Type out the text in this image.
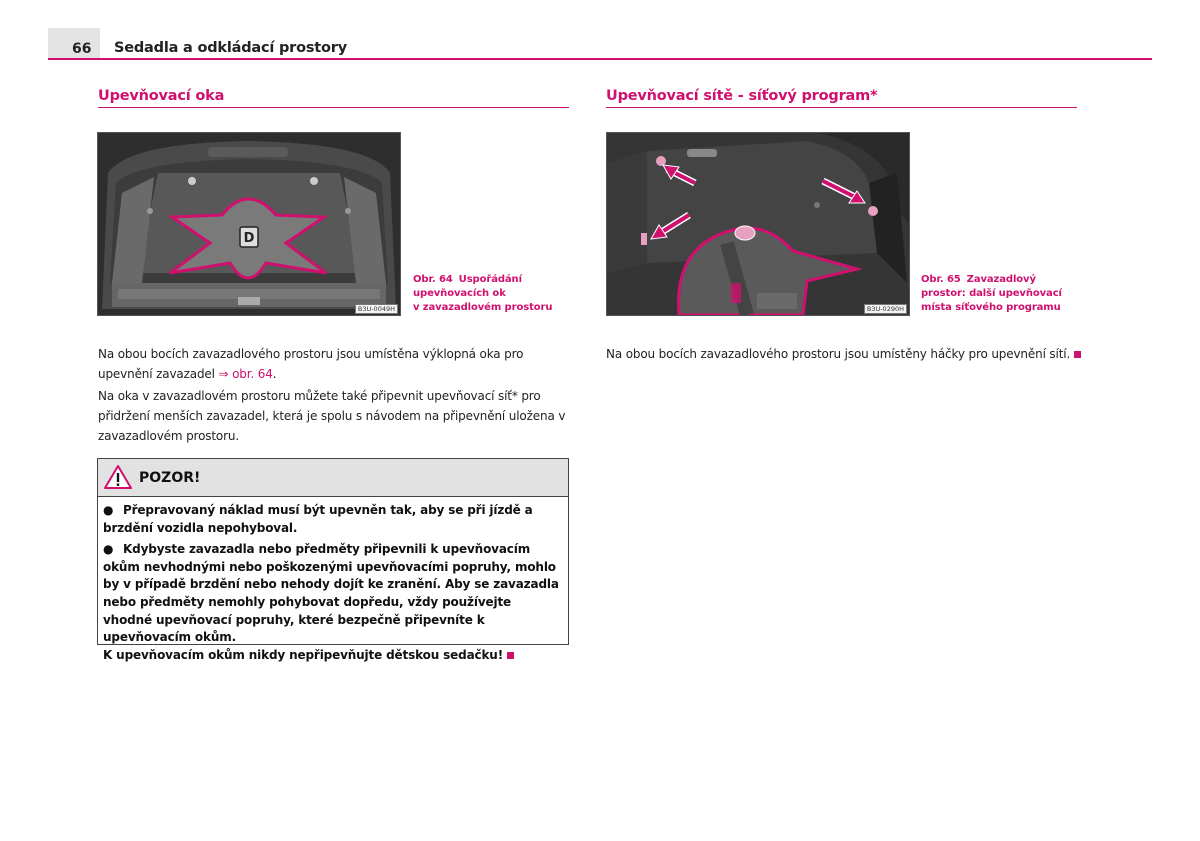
66 Sedadla a odkládací prostory
Upevňovací oka
D
B3U-0049H
Obr. 64 Uspořádání
upevňovacích ok
v zavazadlovém prostoru
Na obou bocích zavazadlového prostoru jsou umístěna výklopná oka pro upevnění zavazadel ⇒ obr. 64.
Na oka v zavazadlovém prostoru můžete také připevnit upevňovací síť* pro přidržení menších zavazadel, která je spolu s návodem na připevnění uložena v zavazadlovém prostoru.
POZOR!

● Přepravovaný náklad musí být upevněn tak, aby se při jízdě a brzdění vozidla nepohyboval.

● Kdybyste zavazadla nebo předměty připevnili k upevňovacím okům nevhodnými nebo poškozenými upevňovacími popruhy, mohlo by v případě brzdění nebo nehody dojít ke zranění. Aby se zavazadla nebo předměty nemohly pohybovat dopředu, vždy používejte vhodné upevňovací popruhy, které bezpečně připevníte k upevňovacím okům.
K upevňovacím okům nikdy nepřipevňujte dětskou sedačku!

Upevňovací sítě - síťový program*
B3U-0290H
Obr. 65 Zavazadlový
prostor: další upevňovací
místa síťového programu
Na obou bocích zavazadlového prostoru jsou umístěny háčky pro upevnění sítí.
